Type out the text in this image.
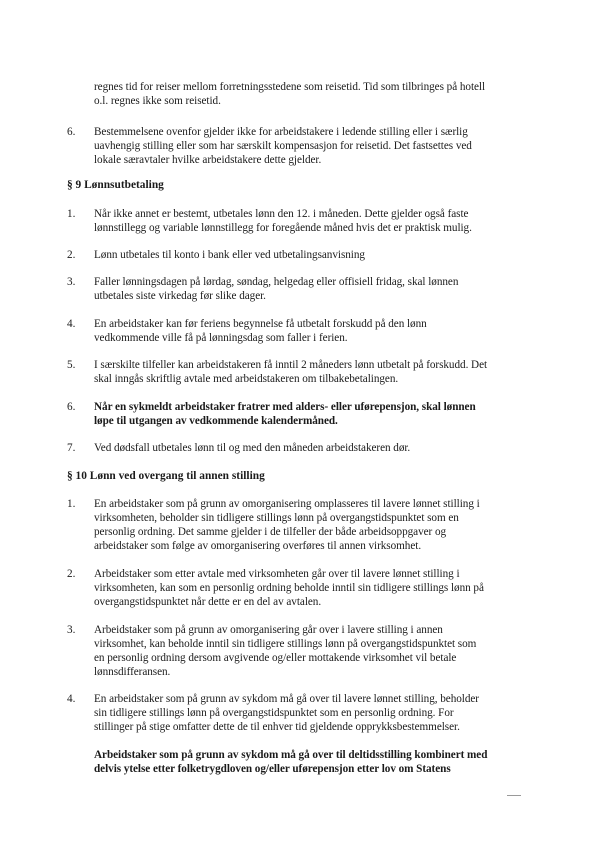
regnes tid for reiser mellom forretningsstedene som reisetid. Tid som tilbringes på hotell
o.l. regnes ikke som reisetid.
6. Bestemmelsene ovenfor gjelder ikke for arbeidstakere i ledende stilling eller i særlig
uavhengig stilling eller som har særskilt kompensasjon for reisetid. Det fastsettes ved
lokale særavtaler hvilke arbeidstakere dette gjelder.
§ 9 Lønnsutbetaling
1. Når ikke annet er bestemt, utbetales lønn den 12. i måneden. Dette gjelder også faste
lønnstillegg og variable lønnstillegg for foregående måned hvis det er praktisk mulig.
2. Lønn utbetales til konto i bank eller ved utbetalingsanvisning
3. Faller lønningsdagen på lørdag, søndag, helgedag eller offisiell fridag, skal lønnen
utbetales siste virkedag før slike dager.
4. En arbeidstaker kan før feriens begynnelse få utbetalt forskudd på den lønn
vedkommende ville få på lønningsdag som faller i ferien.
5. I særskilte tilfeller kan arbeidstakeren få inntil 2 måneders lønn utbetalt på forskudd. Det
skal inngås skriftlig avtale med arbeidstakeren om tilbakebetalingen.
6. Når en sykmeldt arbeidstaker fratrer med alders- eller uførepensjon, skal lønnen
løpe til utgangen av vedkommende kalendermåned.
7. Ved dødsfall utbetales lønn til og med den måneden arbeidstakeren dør.
§ 10 Lønn ved overgang til annen stilling
1. En arbeidstaker som på grunn av omorganisering omplasseres til lavere lønnet stilling i
virksomheten, beholder sin tidligere stillings lønn på overgangstidspunktet som en
personlig ordning. Det samme gjelder i de tilfeller der både arbeidsoppgaver og
arbeidstaker som følge av omorganisering overføres til annen virksomhet.
2. Arbeidstaker som etter avtale med virksomheten går over til lavere lønnet stilling i
virksomheten, kan som en personlig ordning beholde inntil sin tidligere stillings lønn på
overgangstidspunktet når dette er en del av avtalen.
3. Arbeidstaker som på grunn av omorganisering går over i lavere stilling i annen
virksomhet, kan beholde inntil sin tidligere stillings lønn på overgangstidspunktet som
en personlig ordning dersom avgivende og/eller mottakende virksomhet vil betale
lønnsdifferansen.
4. En arbeidstaker som på grunn av sykdom må gå over til lavere lønnet stilling, beholder
sin tidligere stillings lønn på overgangstidspunktet som en personlig ordning. For
stillinger på stige omfatter dette de til enhver tid gjeldende opprykksbestemmelser.
Arbeidstaker som på grunn av sykdom må gå over til deltidsstilling kombinert med
delvis ytelse etter folketrygdloven og/eller uførepensjon etter lov om Statens
